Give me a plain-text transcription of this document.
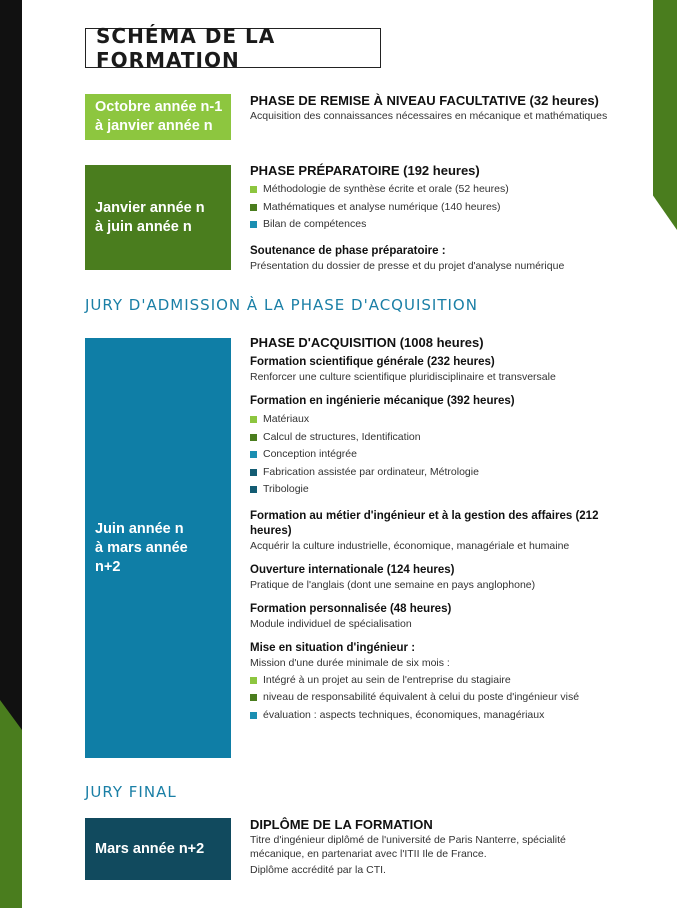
SCHÉMA DE LA FORMATION
Octobre année n-1
à janvier année n
Janvier année n
à juin année n
Juin année n
à mars année
n+2
Mars année n+2
JURY D'ADMISSION À LA PHASE D'ACQUISITION
JURY FINAL
PHASE DE REMISE À NIVEAU FACULTATIVE (32 heures)
Acquisition des connaissances nécessaires en mécanique et mathématiques
PHASE PRÉPARATOIRE (192 heures)
Méthodologie de synthèse écrite et orale (52 heures)
Mathématiques et analyse numérique (140 heures)
Bilan de compétences
Soutenance de phase préparatoire :
Présentation du dossier de presse et du projet d'analyse numérique
PHASE D'ACQUISITION (1008 heures)
Formation scientifique générale (232 heures)
Renforcer une culture scientifique pluridisciplinaire et transversale
Formation en ingénierie mécanique (392 heures)
Matériaux
Calcul de structures, Identification
Conception intégrée
Fabrication assistée par ordinateur, Métrologie
Tribologie
Formation au métier d'ingénieur et à la gestion des affaires (212 heures)
Acquérir la culture industrielle, économique, managériale et humaine
Ouverture internationale (124 heures)
Pratique de l'anglais (dont une semaine en pays anglophone)
Formation personnalisée (48 heures)
Module individuel de spécialisation
Mise en situation d'ingénieur :
Mission d'une durée minimale de six mois :
Intégré à un projet au sein de l'entreprise du stagiaire
niveau de responsabilité équivalent à celui du poste d'ingénieur visé
évaluation : aspects techniques, économiques, managériaux
DIPLÔME DE LA FORMATION
Titre d'ingénieur diplômé de l'université de Paris Nanterre, spécialité mécanique, en partenariat avec l'ITII Ile de France.
Diplôme accrédité par la CTI.
